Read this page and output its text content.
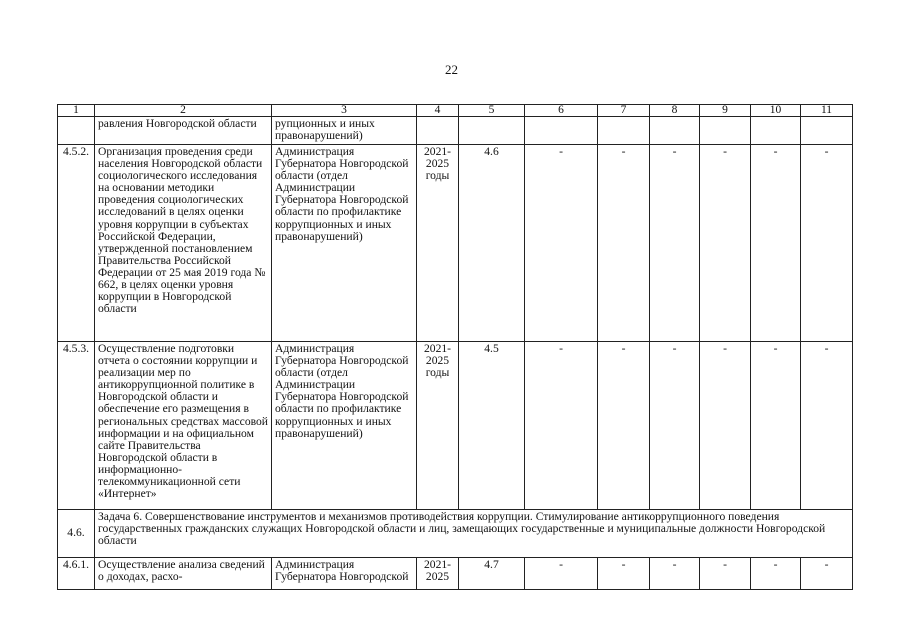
22
1	2	3	4	5	6	7	8	9	10	11
	равления Новгородской области	рупционных и иных правонарушений)								
4.5.2.	Организация проведения среди населения Новгородской области социологического исследования на основании методики проведения социологических исследований в целях оценки уровня коррупции в субъектах Российской Федерации, утвержденной постановлением Правительства Российской Федерации от 25 мая 2019 года № 662, в целях оценки уровня коррупции в Новгородской области	Администрация Губернатора Новгородской области (отдел Администрации Губернатора Новгородской области по профилактике коррупционных и иных правонарушений)	2021-2025 годы	4.6	-	-	-	-	-	-
4.5.3.	Осуществление подготовки отчета о состоянии коррупции и реализации мер по антикоррупционной политике в Новгородской области и обеспечение его размещения в региональных средствах массовой информации и на официальном сайте Правительства Новгородской области в информационно-телекоммуникационной сети «Интернет»	Администрация Губернатора Новгородской области (отдел Администрации Губернатора Новгородской области по профилактике коррупционных и иных правонарушений)	2021-2025 годы	4.5	-	-	-	-	-	-
4.6.	Задача 6. Совершенствование инструментов и механизмов противодействия коррупции. Стимулирование антикоррупционного поведения государственных гражданских служащих Новгородской области и лиц, замещающих государственные и муниципальные должности Новгородской области									
4.6.1.	Осуществление анализа сведений о доходах, расхо-	Администрация Губернатора Новгородской	2021-2025	4.7	-	-	-	-	-	-
